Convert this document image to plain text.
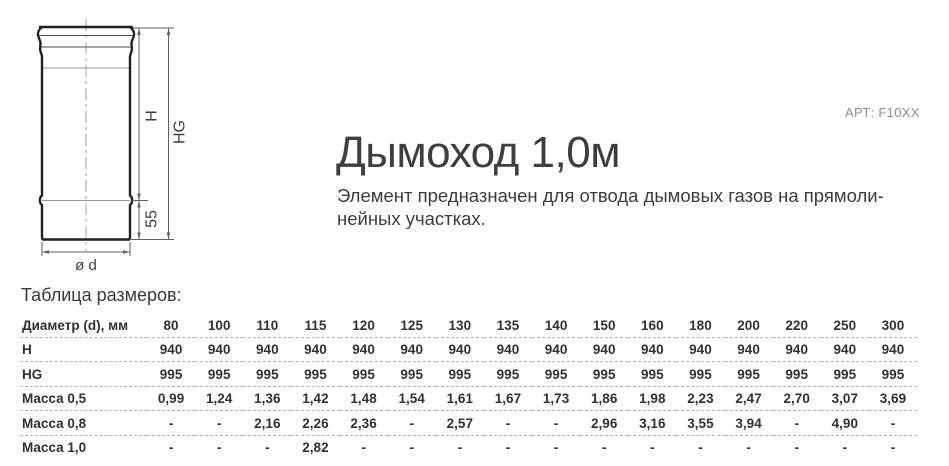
H
HG
55
ø d
Дымоход 1,0м
АРТ: F10XX

Элемент предназначен для отвода дымовых газов на прямоли-
нейных участках.

Таблица размеров:
Диаметр (d), мм	80	100	110	115	120	125	130	135	140	150	160	180	200	220	250	300
H	940	940	940	940	940	940	940	940	940	940	940	940	940	940	940	940
HG	995	995	995	995	995	995	995	995	995	995	995	995	995	995	995	995
Масса 0,5	0,99	1,24	1,36	1,42	1,48	1,54	1,61	1,67	1,73	1,86	1,98	2,23	2,47	2,70	3,07	3,69
Масса 0,8	-	-	2,16	2,26	2,36	-	2,57	-	-	2,96	3,16	3,55	3,94	-	4,90	-
Масса 1,0	-	-	-	2,82	-	-	-	-	-	-	-	-	-	-	-	-
